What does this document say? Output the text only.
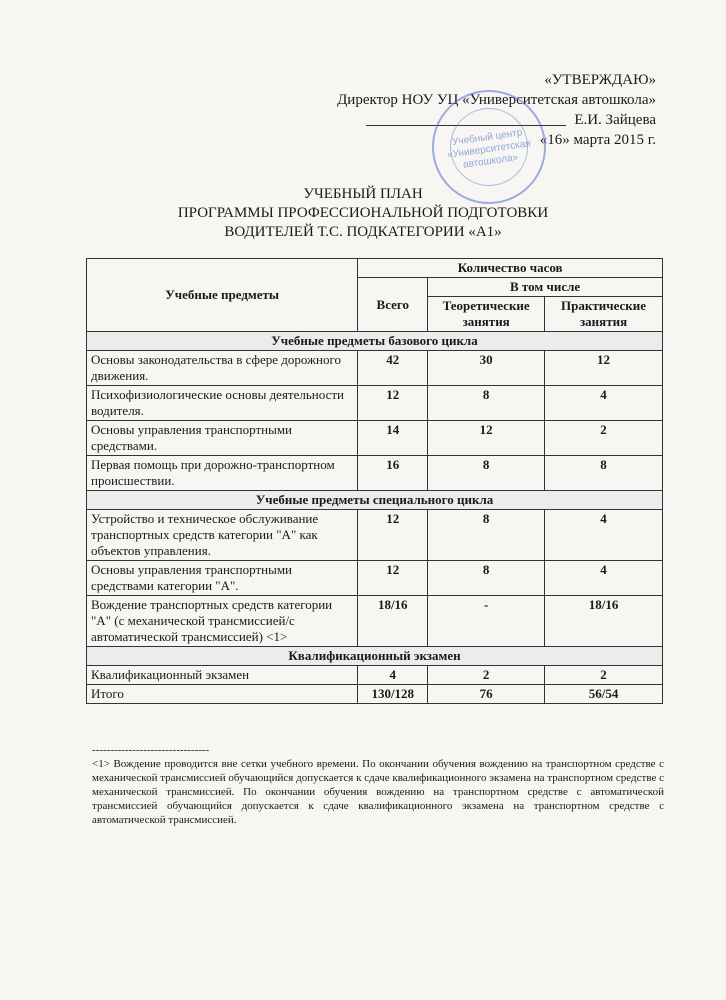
«УТВЕРЖДАЮ»
Директор НОУ УЦ «Университетская автошкола»
Е.И. Зайцева
«16» марта 2015 г.
Учебный центр «Университетская автошкола»
УЧЕБНЫЙ ПЛАН
ПРОГРАММЫ ПРОФЕССИОНАЛЬНОЙ ПОДГОТОВКИ
ВОДИТЕЛЕЙ Т.С. ПОДКАТЕГОРИИ «А1»
Учебные предметы	Количество часов		
	Всего	В том числе	
		Теоретические занятия	Практические занятия
Учебные предметы базового цикла			
Основы законодательства в сфере дорожного движения.	42	30	12
Психофизиологические основы деятельности водителя.	12	8	4
Основы управления транспортными средствами.	14	12	2
Первая помощь при дорожно-транспортном происшествии.	16	8	8
Учебные предметы специального цикла			
Устройство и техническое обслуживание транспортных средств категории "А" как объектов управления.	12	8	4
Основы управления транспортными средствами категории "А".	12	8	4
Вождение транспортных средств категории "А" (с механической трансмиссией/с автоматической трансмиссией) <1>	18/16	-	18/16
Квалификационный экзамен			
Квалификационный экзамен	4	2	2
Итого	130/128	76	56/54
--------------------------------
<1> Вождение проводится вне сетки учебного времени. По окончании обучения вождению на транспортном средстве с механической трансмиссией обучающийся допускается к сдаче квалификационного экзамена на транспортном средстве с механической трансмиссией. По окончании обучения вождению на транспортном средстве с автоматической трансмиссией обучающийся допускается к сдаче квалификационного экзамена на транспортном средстве с автоматической трансмиссией.
